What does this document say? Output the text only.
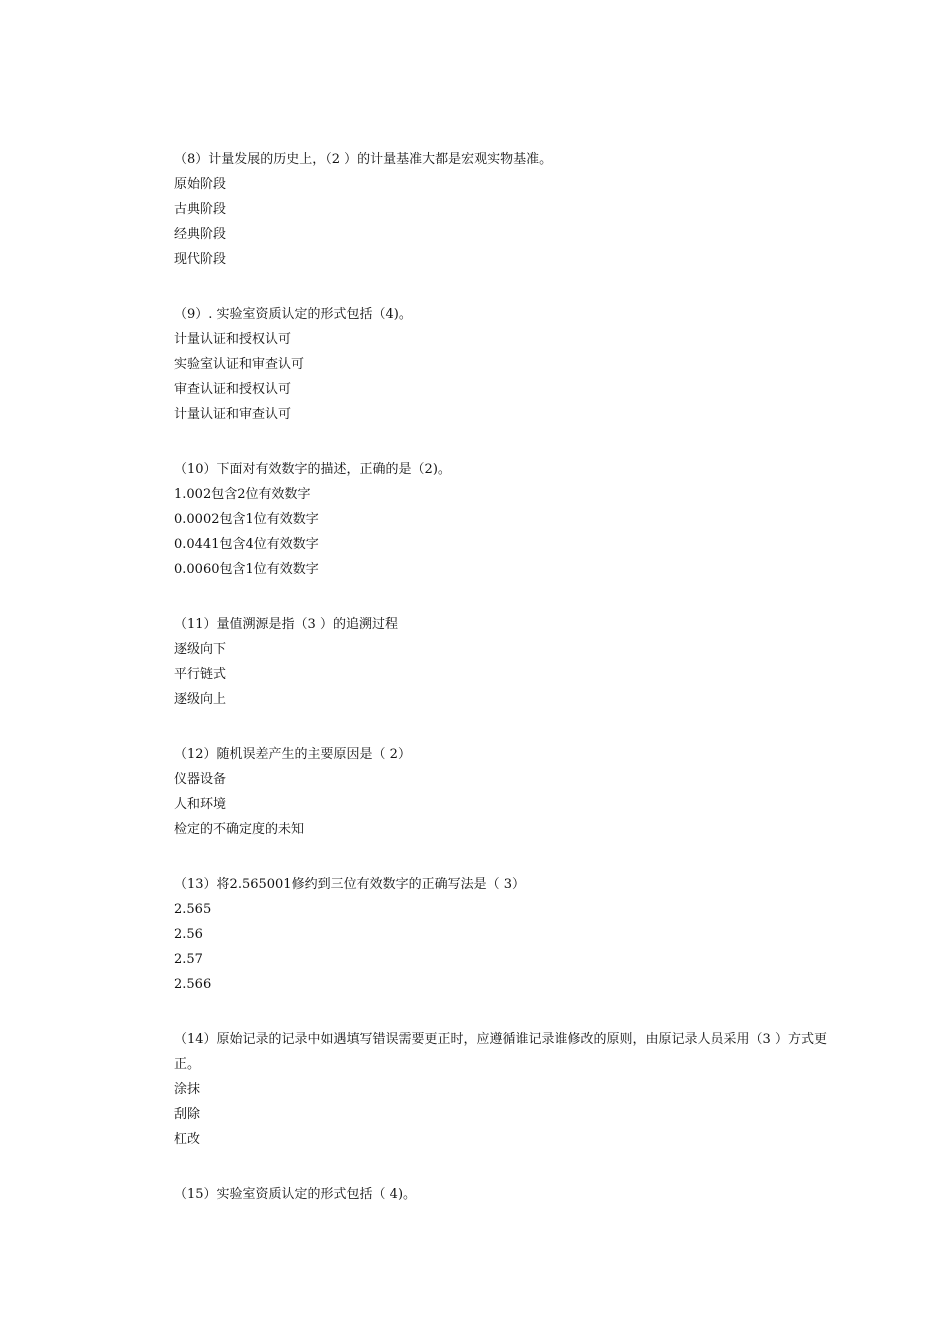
（8）计量发展的历史上，（2 ）的计量基准大都是宏观实物基准。

原始阶段

古典阶段

经典阶段

现代阶段

（9）. 实验室资质认定的形式包括（4)。

计量认证和授权认可

实验室认证和审查认可

审查认证和授权认可

计量认证和审查认可

（10）下面对有效数字的描述，正确的是（2)。

1.002包含2位有效数字

0.0002包含1位有效数字

0.0441包含4位有效数字

0.0060包含1位有效数字

（11）量值溯源是指（3 ）的追溯过程

逐级向下

平行链式

逐级向上

（12）随机误差产生的主要原因是（ 2）

仪器设备

人和环境

检定的不确定度的未知

（13）将2.565001修约到三位有效数字的正确写法是（ 3）

2.565

2.56

2.57

2.566

（14）原始记录的记录中如遇填写错误需要更正时，应遵循谁记录谁修改的原则，由原记录人员采用（3 ）方式更正。

涂抹

刮除

杠改

（15）实验室资质认定的形式包括（ 4)。
